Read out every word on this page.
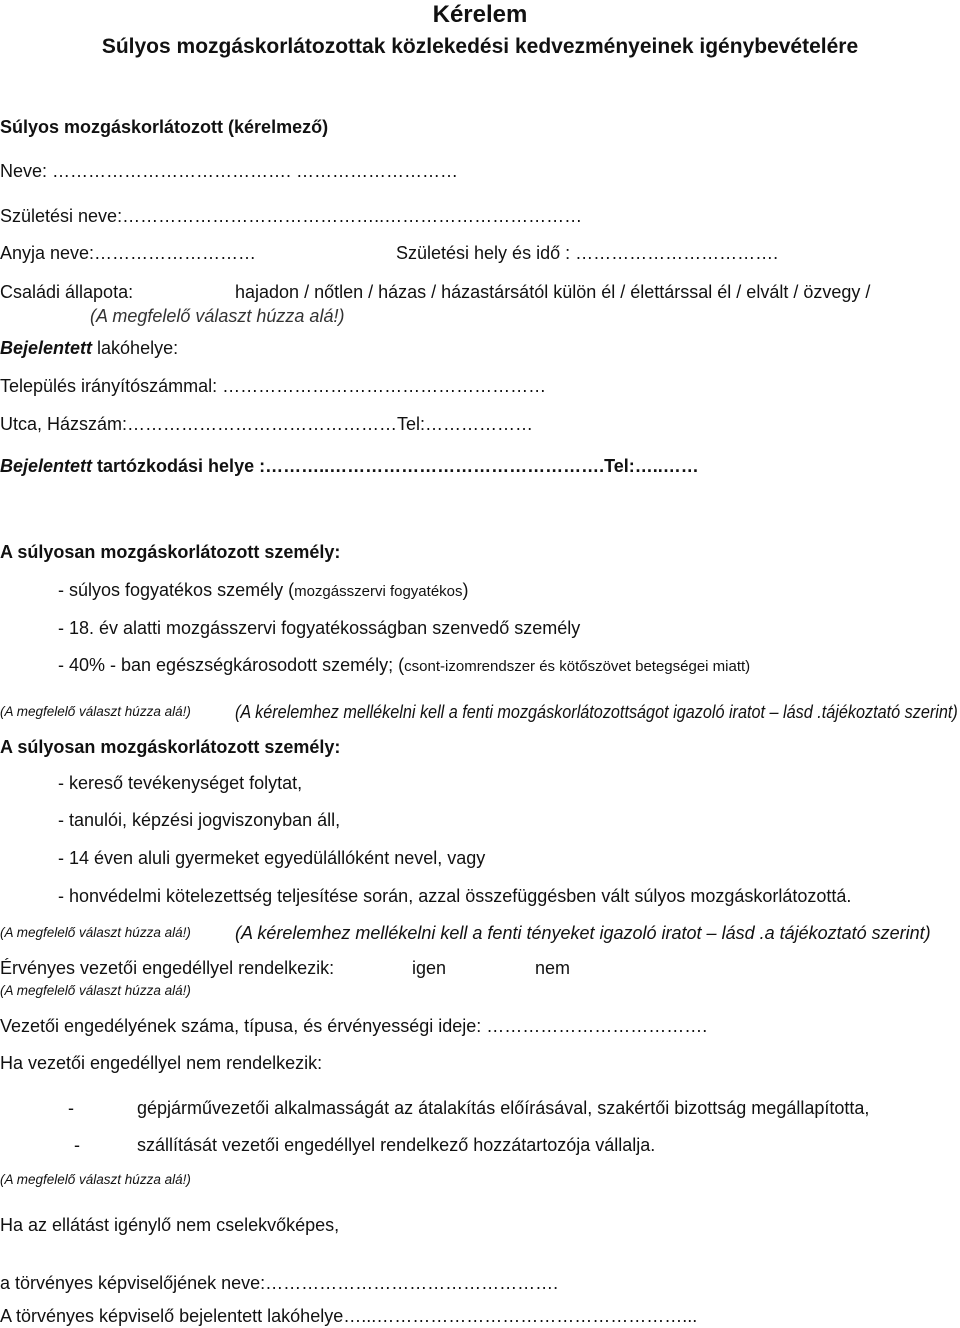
Kérelem
Súlyos mozgáskorlátozottak közlekedési kedvezményeinek igénybevételére
Súlyos mozgáskorlátozott (kérelmező)
Neve: …………………………………. ………………………
Születési neve:……………………………………..……………………………
Anyja neve:………………………	Születési hely és idő : …………………………….
Családi állapota:	hajadon / nőtlen / házas / házastársától külön él / élettárssal él / elvált / özvegy /
(A megfelelő választ húzza alá!)
Bejelentett lakóhelye:
Település irányítószámmal: ………………………………………………
Utca, Házszám:………………………………………Tel:………………
Bejelentett tartózkodási helye :………..……………………………………….Tel:…..……
A súlyosan mozgáskorlátozott személy:
- súlyos fogyatékos személy (mozgásszervi fogyatékos)
- 18. év alatti mozgásszervi fogyatékosságban szenvedő személy
- 40% - ban egészségkárosodott személy; (csont-izomrendszer és kötőszövet betegségei miatt)
(A megfelelő választ húzza alá!) (A kérelemhez mellékelni kell a fenti mozgáskorlátozottságot igazoló iratot – lásd .tájékoztató szerint)
A súlyosan mozgáskorlátozott személy:
- kereső tevékenységet folytat,
- tanulói, képzési jogviszonyban áll,
- 14 éven aluli gyermeket egyedülállóként nevel, vagy
- honvédelmi kötelezettség teljesítése során, azzal összefüggésben vált súlyos mozgáskorlátozottá.
(A megfelelő választ húzza alá!) (A kérelemhez mellékelni kell a fenti tényeket igazoló iratot – lásd .a tájékoztató szerint)
Érvényes vezetői engedéllyel rendelkezik:	igen	nem
(A megfelelő választ húzza alá!)
Vezetői engedélyének száma, típusa, és érvényességi ideje: ……………………………….
Ha vezetői engedéllyel nem rendelkezik:
-	gépjárművezetői alkalmasságát az átalakítás előírásával, szakértői bizottság megállapította,
-	szállítását vezetői engedéllyel rendelkező hozzátartozója vállalja.
(A megfelelő választ húzza alá!)
Ha az ellátást igénylő nem cselekvőképes,
a törvényes képviselőjének neve:………………………………………….
A törvényes képviselő bejelentett lakóhelye…...……………………………………………...
